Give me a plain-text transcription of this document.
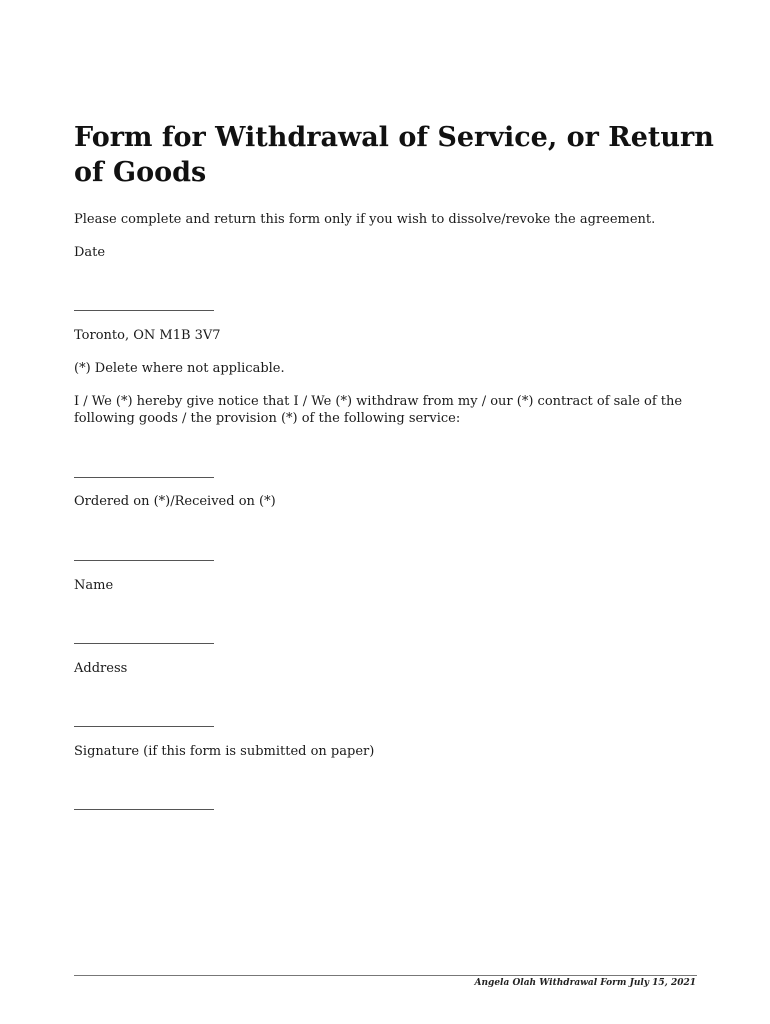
Form for Withdrawal of Service, or Return of Goods

Please complete and return this form only if you wish to dissolve/revoke the agreement.

Date

Toronto, ON M1B 3V7

(*) Delete where not applicable.

I / We (*) hereby give notice that I / We (*) withdraw from my / our (*) contract of sale of the following goods / the provision (*) of the following service:

Ordered on (*)/Received on (*)

Name

Address

Signature (if this form is submitted on paper)

Angela Olah Withdrawal Form July 15, 2021
